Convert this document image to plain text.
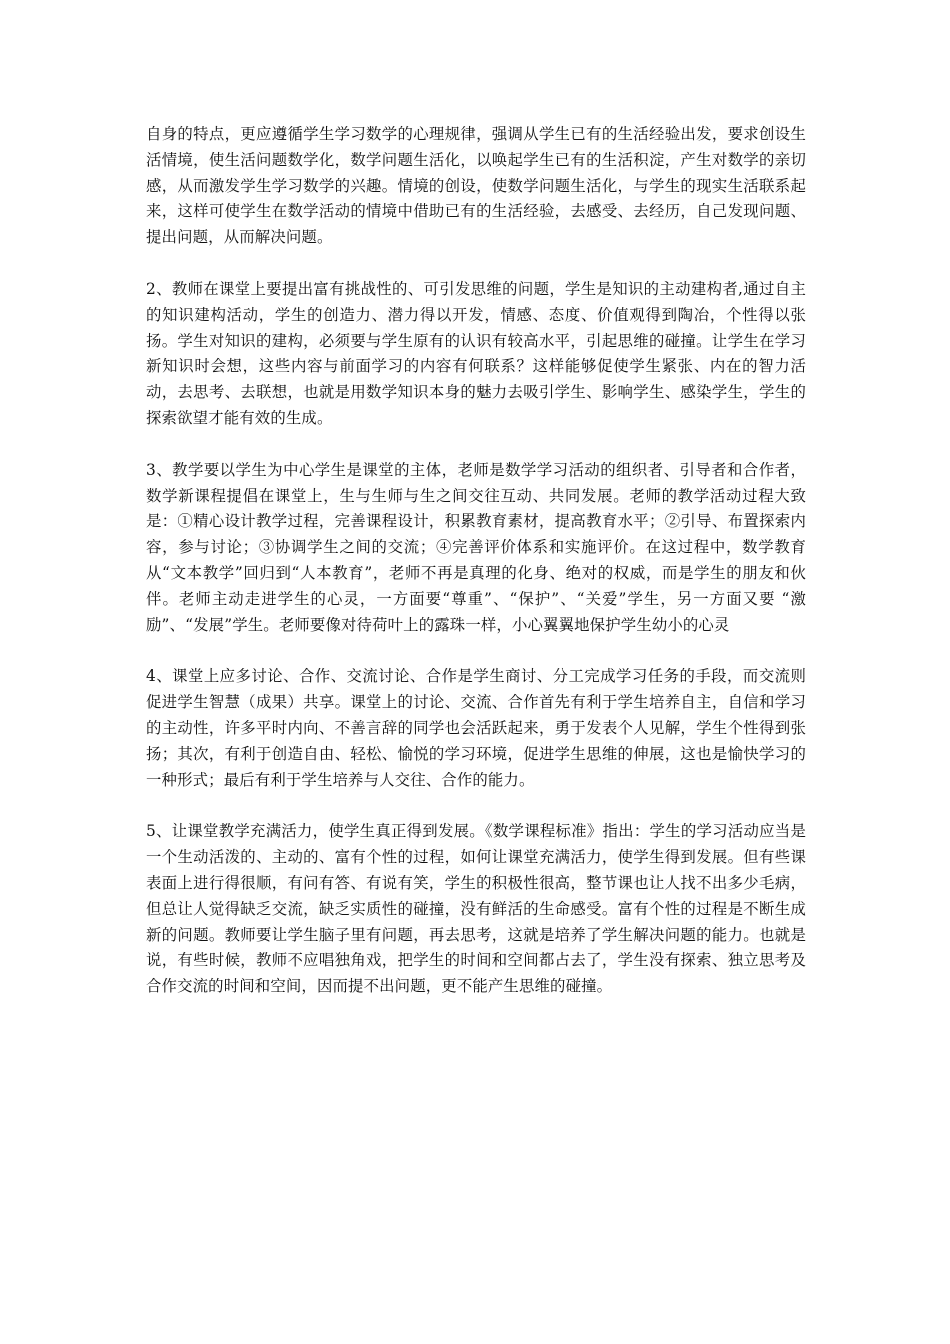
自身的特点，更应遵循学生学习数学的心理规律，强调从学生已有的生活经验出发，要求创设生活情境，使生活问题数学化，数学问题生活化，以唤起学生已有的生活积淀，产生对数学的亲切感，从而激发学生学习数学的兴趣。情境的创设，使数学问题生活化，与学生的现实生活联系起来，这样可使学生在数学活动的情境中借助已有的生活经验，去感受、去经历，自己发现问题、提出问题，从而解决问题。

2、教师在课堂上要提出富有挑战性的、可引发思维的问题，学生是知识的主动建构者,通过自主的知识建构活动，学生的创造力、潜力得以开发，情感、态度、价值观得到陶冶，个性得以张扬。学生对知识的建构，必须要与学生原有的认识有较高水平，引起思维的碰撞。让学生在学习新知识时会想，这些内容与前面学习的内容有何联系？这样能够促使学生紧张、内在的智力活动，去思考、去联想，也就是用数学知识本身的魅力去吸引学生、影响学生、感染学生，学生的探索欲望才能有效的生成。

3、教学要以学生为中心学生是课堂的主体，老师是数学学习活动的组织者、引导者和合作者，数学新课程提倡在课堂上，生与生师与生之间交往互动、共同发展。老师的教学活动过程大致是：①精心设计教学过程，完善课程设计，积累教育素材，提高教育水平；②引导、布置探索内容，参与讨论；③协调学生之间的交流；④完善评价体系和实施评价。在这过程中，数学教育从“文本教学”回归到“人本教育”，老师不再是真理的化身、绝对的权威，而是学生的朋友和伙伴。老师主动走进学生的心灵，一方面要“尊重”、“保护”、“关爱”学生，另一方面又要 “激励”、“发展”学生。老师要像对待荷叶上的露珠一样，小心翼翼地保护学生幼小的心灵

4、课堂上应多讨论、合作、交流讨论、合作是学生商讨、分工完成学习任务的手段，而交流则促进学生智慧（成果）共享。课堂上的讨论、交流、合作首先有利于学生培养自主，自信和学习的主动性，许多平时内向、不善言辞的同学也会活跃起来，勇于发表个人见解，学生个性得到张扬；其次，有利于创造自由、轻松、愉悦的学习环境，促进学生思维的伸展，这也是愉快学习的一种形式；最后有利于学生培养与人交往、合作的能力。

5、让课堂教学充满活力，使学生真正得到发展。《数学课程标准》指出：学生的学习活动应当是一个生动活泼的、主动的、富有个性的过程，如何让课堂充满活力，使学生得到发展。但有些课表面上进行得很顺，有问有答、有说有笑，学生的积极性很高，整节课也让人找不出多少毛病，但总让人觉得缺乏交流，缺乏实质性的碰撞，没有鲜活的生命感受。富有个性的过程是不断生成新的问题。教师要让学生脑子里有问题，再去思考，这就是培养了学生解决问题的能力。也就是说，有些时候，教师不应唱独角戏，把学生的时间和空间都占去了，学生没有探索、独立思考及合作交流的时间和空间，因而提不出问题，更不能产生思维的碰撞。
